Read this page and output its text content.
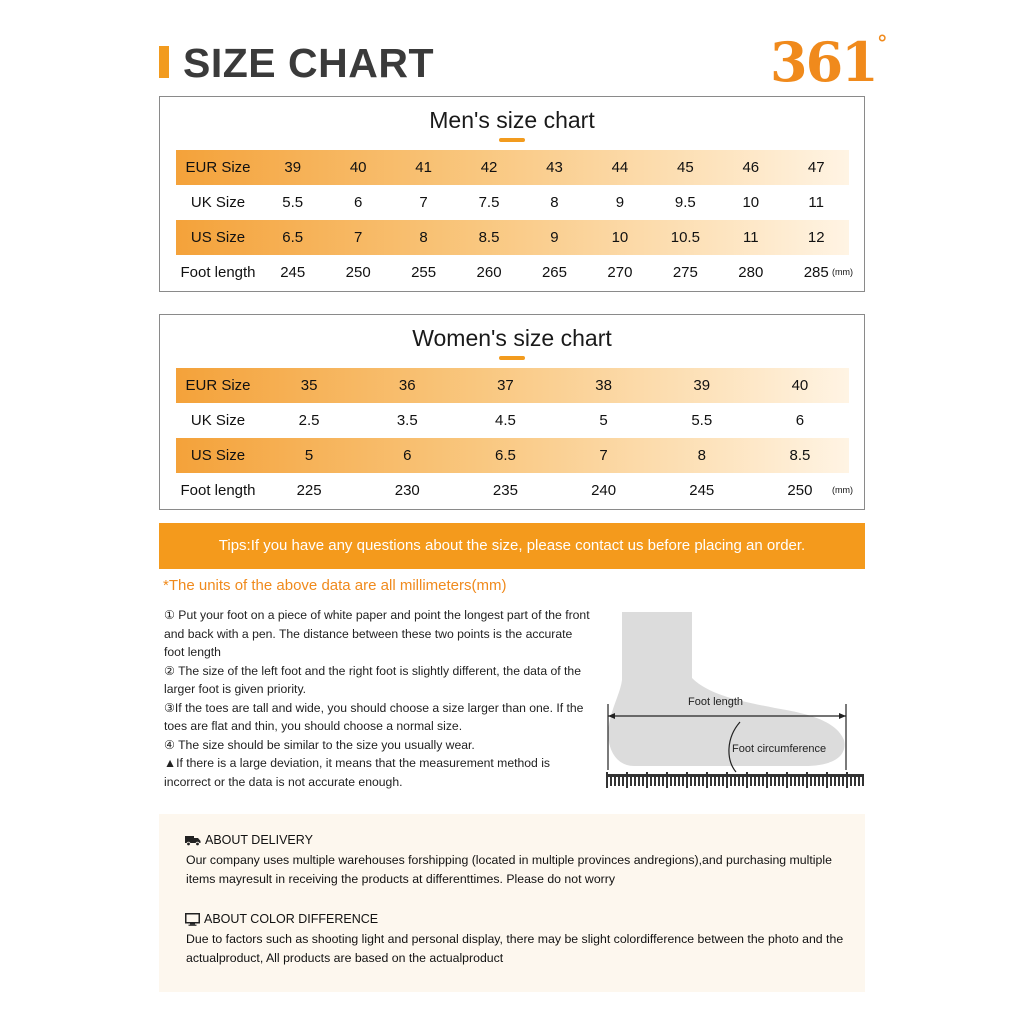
SIZE CHART	361°
Men's size chart
EUR Size	39	40	41	42	43	44	45	46	47
UK Size	5.5	6	7	7.5	8	9	9.5	10	11
US Size	6.5	7	8	8.5	9	10	10.5	11	12
Foot length	245	250	255	260	265	270	275	280	285 (mm)
Women's size chart
EUR Size	35	36	37	38	39	40
UK Size	2.5	3.5	4.5	5	5.5	6
US Size	5	6	6.5	7	8	8.5
Foot length	225	230	235	240	245	250	(mm)
Tips:If you have any questions about the size, please contact us before placing an order.
*The units of the above data are all millimeters(mm)

① Put your foot on a piece of white paper and point the longest part of the front and back with a pen. The distance between these two points is the accurate foot length

② The size of the left foot and the right foot is slightly different, the data of the larger foot is given priority.

③If the toes are tall and wide, you should choose a size larger than one. If the toes are flat and thin, you should choose a normal size.

④ The size should be similar to the size you usually wear.

▲If there is a large deviation, it means that the measurement method is incorrect or the data is not accurate enough.

Foot length
Foot circumference
ABOUT DELIVERY
Our company uses multiple warehouses forshipping (located in multiple provinces andregions),and purchasing multiple items mayresult in receiving the products at differenttimes. Please do not worry
ABOUT COLOR DIFFERENCE
Due to factors such as shooting light and personal display, there may be slight colordifference between the photo and the actualproduct, All products are based on the actualproduct
